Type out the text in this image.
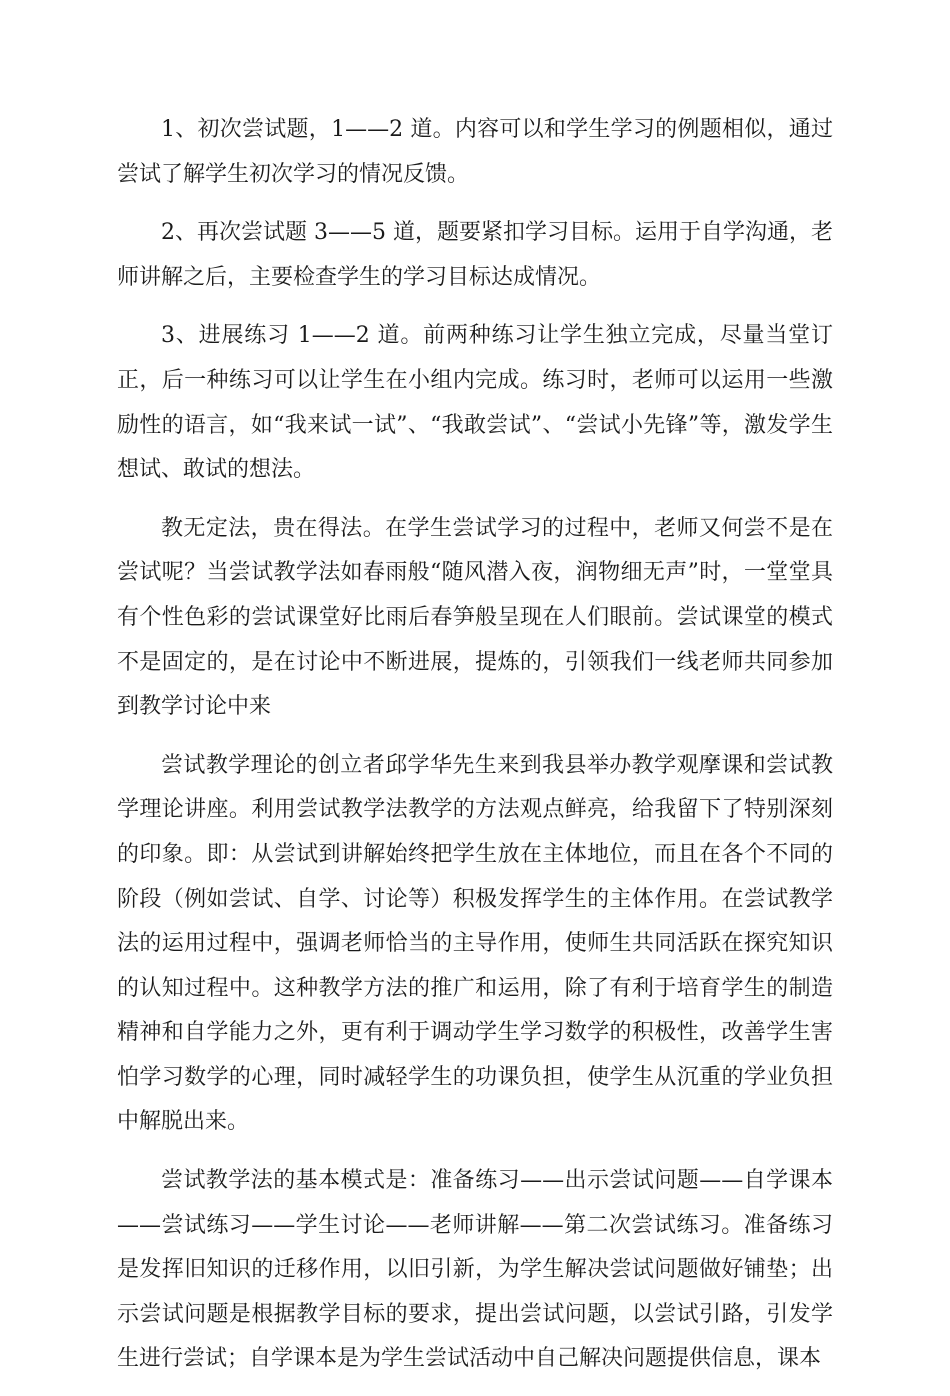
1、初次尝试题，1——2 道。内容可以和学生学习的例题相似，通过尝试了解学生初次学习的情况反馈。

2、再次尝试题 3——5 道，题要紧扣学习目标。运用于自学沟通，老师讲解之后，主要检查学生的学习目标达成情况。

3、进展练习 1——2 道。前两种练习让学生独立完成，尽量当堂订正，后一种练习可以让学生在小组内完成。练习时，老师可以运用一些激励性的语言，如“我来试一试”、“我敢尝试”、“尝试小先锋”等，激发学生想试、敢试的想法。

教无定法，贵在得法。在学生尝试学习的过程中，老师又何尝不是在尝试呢？当尝试教学法如春雨般“随风潜入夜，润物细无声”时，一堂堂具有个性色彩的尝试课堂好比雨后春笋般呈现在人们眼前。尝试课堂的模式不是固定的，是在讨论中不断进展，提炼的，引领我们一线老师共同参加到教学讨论中来

尝试教学理论的创立者邱学华先生来到我县举办教学观摩课和尝试教学理论讲座。利用尝试教学法教学的方法观点鲜亮，给我留下了特别深刻的印象。即：从尝试到讲解始终把学生放在主体地位，而且在各个不同的阶段（例如尝试、自学、讨论等）积极发挥学生的主体作用。在尝试教学法的运用过程中，强调老师恰当的主导作用，使师生共同活跃在探究知识的认知过程中。这种教学方法的推广和运用，除了有利于培育学生的制造精神和自学能力之外，更有利于调动学生学习数学的积极性，改善学生害怕学习数学的心理，同时减轻学生的功课负担，使学生从沉重的学业负担中解脱出来。

尝试教学法的基本模式是：准备练习——出示尝试问题——自学课本——尝试练习——学生讨论——老师讲解——第二次尝试练习。准备练习是发挥旧知识的迁移作用，以旧引新，为学生解决尝试问题做好铺垫；出示尝试问题是根据教学目标的要求，提出尝试问题，以尝试引路，引发学生进行尝试；自学课本是为学生尝试活动中自己解决问题提供信息，课本
